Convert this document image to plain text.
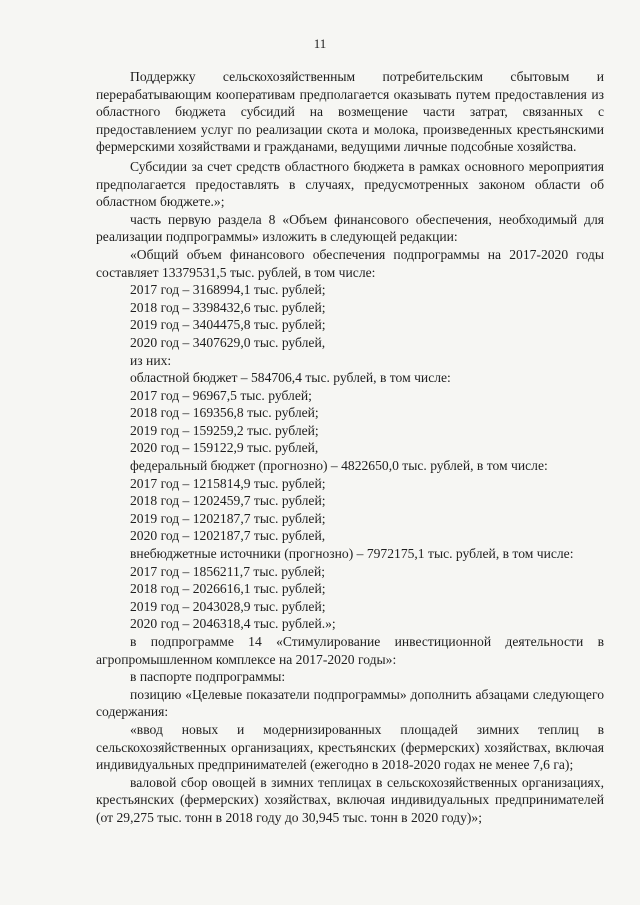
11

Поддержку сельскохозяйственным потребительским сбытовым и перерабатывающим кооперативам предполагается оказывать путем предоставления из областного бюджета субсидий на возмещение части затрат, связанных с предоставлением услуг по реализации скота и молока, произведенных крестьянскими фермерскими хозяйствами и гражданами, ведущими личные подсобные хозяйства.

Субсидии за счет средств областного бюджета в рамках основного мероприятия предполагается предоставлять в случаях, предусмотренных законом области об областном бюджете.»;

часть первую раздела 8 «Объем финансового обеспечения, необходимый для реализации подпрограммы» изложить в следующей редакции:

«Общий объем финансового обеспечения подпрограммы на 2017-2020 годы составляет 13379531,5 тыс. рублей, в том числе:

2017 год – 3168994,1 тыс. рублей;

2018 год – 3398432,6 тыс. рублей;

2019 год – 3404475,8 тыс. рублей;

2020 год – 3407629,0 тыс. рублей,

из них:

областной бюджет – 584706,4 тыс. рублей, в том числе:

2017 год – 96967,5 тыс. рублей;

2018 год – 169356,8 тыс. рублей;

2019 год – 159259,2 тыс. рублей;

2020 год – 159122,9 тыс. рублей,

федеральный бюджет (прогнозно) – 4822650,0 тыс. рублей, в том числе:

2017 год – 1215814,9 тыс. рублей;

2018 год – 1202459,7 тыс. рублей;

2019 год – 1202187,7 тыс. рублей;

2020 год – 1202187,7 тыс. рублей,

внебюджетные источники (прогнозно) – 7972175,1 тыс. рублей, в том числе:

2017 год – 1856211,7 тыс. рублей;

2018 год – 2026616,1 тыс. рублей;

2019 год – 2043028,9 тыс. рублей;

2020 год – 2046318,4 тыс. рублей.»;

в подпрограмме 14 «Стимулирование инвестиционной деятельности в агропромышленном комплексе на 2017-2020 годы»:

в паспорте подпрограммы:

позицию «Целевые показатели подпрограммы» дополнить абзацами следующего содержания:

«ввод новых и модернизированных площадей зимних теплиц в сельскохозяйственных организациях, крестьянских (фермерских) хозяйствах, включая индивидуальных предпринимателей (ежегодно в 2018-2020 годах не менее 7,6 га);

валовой сбор овощей в зимних теплицах в сельскохозяйственных организациях, крестьянских (фермерских) хозяйствах, включая индивидуальных предпринимателей (от 29,275 тыс. тонн в 2018 году до 30,945 тыс. тонн в 2020 году)»;
